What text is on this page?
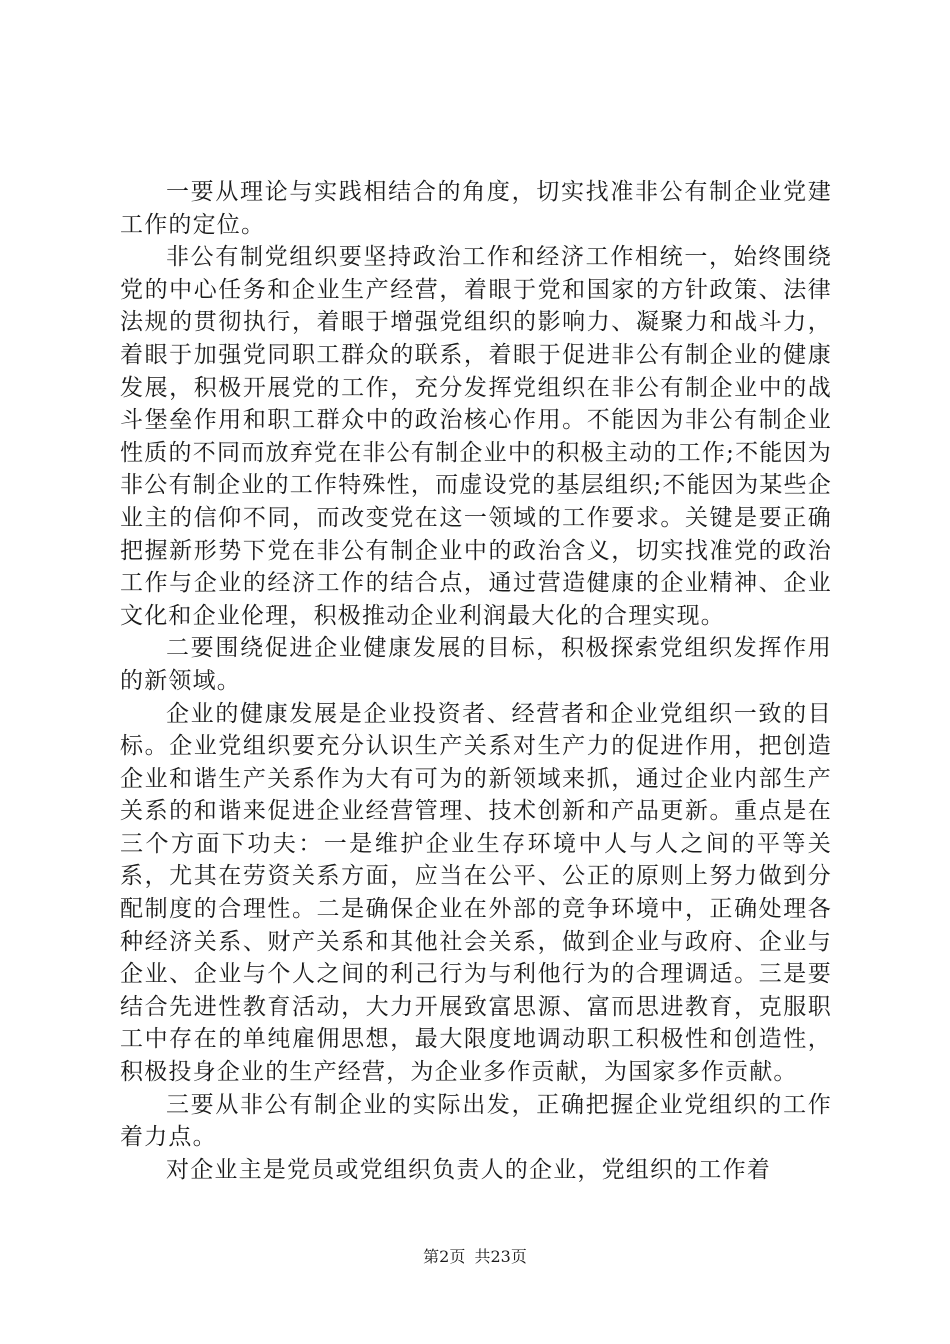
一要从理论与实践相结合的角度，切实找准非公有制企业党建工作的定位。

非公有制党组织要坚持政治工作和经济工作相统一，始终围绕党的中心任务和企业生产经营，着眼于党和国家的方针政策、法律法规的贯彻执行，着眼于增强党组织的影响力、凝聚力和战斗力，着眼于加强党同职工群众的联系，着眼于促进非公有制企业的健康发展，积极开展党的工作，充分发挥党组织在非公有制企业中的战斗堡垒作用和职工群众中的政治核心作用。不能因为非公有制企业性质的不同而放弃党在非公有制企业中的积极主动的工作;不能因为非公有制企业的工作特殊性，而虚设党的基层组织;不能因为某些企业主的信仰不同，而改变党在这一领域的工作要求。关键是要正确把握新形势下党在非公有制企业中的政治含义，切实找准党的政治工作与企业的经济工作的结合点，通过营造健康的企业精神、企业文化和企业伦理，积极推动企业利润最大化的合理实现。

二要围绕促进企业健康发展的目标，积极探索党组织发挥作用的新领域。

企业的健康发展是企业投资者、经营者和企业党组织一致的目标。企业党组织要充分认识生产关系对生产力的促进作用，把创造企业和谐生产关系作为大有可为的新领域来抓，通过企业内部生产关系的和谐来促进企业经营管理、技术创新和产品更新。重点是在三个方面下功夫：一是维护企业生存环境中人与人之间的平等关系，尤其在劳资关系方面，应当在公平、公正的原则上努力做到分配制度的合理性。二是确保企业在外部的竞争环境中，正确处理各种经济关系、财产关系和其他社会关系，做到企业与政府、企业与企业、企业与个人之间的利己行为与利他行为的合理调适。三是要结合先进性教育活动，大力开展致富思源、富而思进教育，克服职工中存在的单纯雇佣思想，最大限度地调动职工积极性和创造性，积极投身企业的生产经营，为企业多作贡献，为国家多作贡献。

三要从非公有制企业的实际出发，正确把握企业党组织的工作着力点。

对企业主是党员或党组织负责人的企业，党组织的工作着

第2页 共23页
